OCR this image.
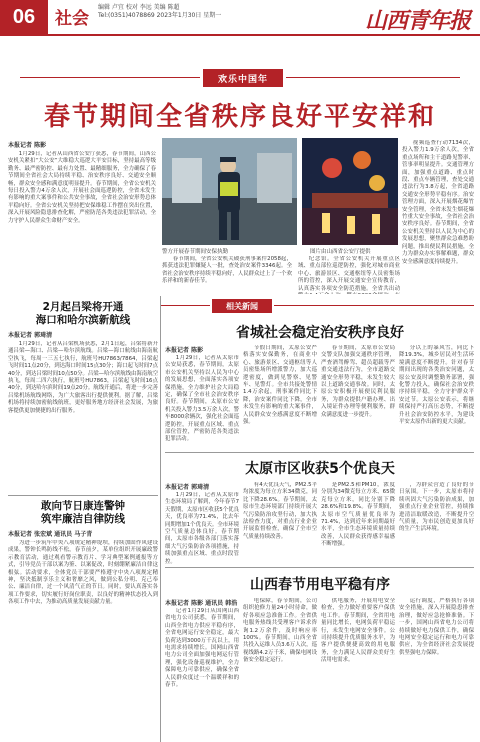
06	社会
编辑 卢宜 校对 李远 美编 陈超
Tel:(0351)4078869 2023年1月30日 星期一	山西青年报
欢乐中国年
春节期间全省秩序良好平安祥和
本报记者 陈影
1月29日，记者从山西省公安厅获悉，春节期间，山西公安机关紧扣“大公安”大维稳大巡逻大平安目标，坚持最高等级勤务、最严密防控、最有力处置、最精细服务，全力确保了春节期间全省社会大局持续平稳、治安秩序良好、交通安全顺畅，群众安全感和满意度明显提升。春节期间，全省公安机关每日投入警力4万余人次，开展社会面巡逻防控，全省未发生有影响的重大案事件和公共安全事故，全省社会治安形势总体平稳向好。全省公安机关坚持把安保维稳工作摆在突出位置，深入开展风险隐患排查化解，严密防范各类违法犯罪活动，全力守护人民群众生命财产安全。
警方开展春节期间安保执勤	图片由山西省公安厅提供
春节期间，全省公安机关破获刑事案件2058起，抓获违法犯罪嫌疑人一批，查处治安案件3346起。全省社会治安秩序持续平稳向好，人民群众过上了一个欢乐祥和的新春佳节。
纪念馆。全省公安机关开展重点区域、重点部位巡逻防控，强化对城市商业中心、旅游景区、交通枢纽等人员密集场所的管控，深入开展交通安全宣传教育，认真落实各项安全防范措施。全省共出动
视频巡查行动7134次，投入警力1.9万余人次，全省重点场所和主干道路见警率、管事率明显提升。交通管理方面，加强重点道路、重点时段、重点车辆管理，查处交通违法行为3.8万起，全省道路交通安全形势平稳有序。治安管理方面，深入开展烟花爆竹安全管理，全省未发生烟花爆竹重大安全事故，全省社会治安秩序良好。春节期间，全省公安机关坚持以人民为中心的发展思想，聚焦群众急难愁盼问题，推出便民利民措施，全力为群众办实事解难题，群众安全感满意度持续提升。
相关新闻
2月起吕梁将开通
海口和哈尔滨新航线
本报记者 郭琦清
1月29日，记者从吕梁机场获悉，2月1日起，吕梁将新开通吕梁—海口、吕梁—哈尔滨航线。吕梁—海口航线由海南航空执飞，每周一三五七执行，航班号HU7863/7864，吕梁起飞时间11点20分，到达海口时间15点30分；海口起飞时间7点40分，到达吕梁时间10点50分。吕梁—哈尔滨航线由海南航空执飞，每周二四六执行，航班号HU7863，吕梁起飞时间16点40分，到达哈尔滨时间19点20分。航线开通后，将进一步完善吕梁机场航线网络，为广大旅客出行提供便利。据了解，吕梁机场将持续加密航线航班，更好服务地方经济社会发展，为旅客提供更加便捷的出行服务。
敢向节日康连警钟
筑牢廉洁自律防线
本报记者 张宏斌 通讯员 马子青
为进一步筑牢中央八项规定精神堤坝，持续加固作风建设成果，警钟长鸣防线不松，春节前夕，某单位组织开展廉政警示教育活动，通过观看警示教育片、学习典型案例通报等方式，引导党员干部以案为鉴、以案促改，时刻绷紧廉洁自律这根弦。活动要求，全体党员干部要严格遵守中央八项规定精神，坚决抵制享乐主义和奢靡之风，做到公私分明、克己奉公、廉洁自律，过一个风清气正的节日。同时，要认真落实各项工作要求，切实履行好岗位职责，以良好的精神状态投入到各项工作中去，为推动高质量发展贡献力量。
省城社会稳定治安秩序良好
本报记者 陈影
1月29日，记者从太原市公安局获悉，春节期间，太原市公安机关坚持以人民为中心的发展思想，全面落实各项安保措施，全力维护社会大局稳定，确保了全市社会治安秩序良好。春节期间，太原市公安机关投入警力3.5万余人次，警车8000余辆次，强化社会面巡逻防控，开展重点区域、重点部位管控，严密防范各类违法犯罪活动。
节假日期间，太原公安严格落实安保勤务，在商业中心、旅游景区、交通枢纽等人员密集场所增派警力，加大巡逻密度，做到见警察、见警车、见警灯。全市共接处警情1.4万余起，刑事案件同比下降，治安案件同比下降，全市未发生有影响的重大案事件，人民群众安全感满意度不断增强。
春节期间，太原市公安局交警支队加强交通秩序管理，严查酒驾醉驾、超员超载等严重交通违法行为，全市道路交通安全形势平稳，未发生较大以上道路交通事故。同时，太原公安积极开展便民利民服务，为群众提供户籍办理、出入境证件办理等便利服务，群众满意度进一步提升。
分以上的暴风雪，同比下降19.3%，城乡居民对生活环境满意度不断提升。针对春节期间出现的各类治安问题，太原公安及时调整勤务部署，强化警力投入，确保社会治安秩序持续平稳，全力守护群众平安过节。太原公安表示，将继续保持严打高压态势，不断提升社会治安防控水平，为建设平安太原作出新的更大贡献。
太原市区收获5个优良天
本报记者 郭琦清
1月29日，记者从太原市生态环境局了解到，今年春节7天假期，太原市区收获5个优良天，优良率为71.4%，比去年同期增加1个优良天。全市环境空气质量总体良好。春节期间，太原市各级各部门落实落细大气污染防治各项措施，持续加强重点区域、重点时段管控。
有4天优良天气，PM2.5平均浓度为每立方米34微克，同比下降28.6%。春节期间，太原市生态环境部门持续开展大气污染防治攻坚行动，加大执法检查力度，对重点行业企业开展监督检查，确保了全市空气质量持续改善。
是PM2.5和PM10，浓度分别为34微克每立方米、65微克每立方米，同比分别下降28.6%和19.8%。春节期间，太原市空气质量优良率为71.4%，达到近年来同期最好水平，全市生态环境质量持续改善，人民群众获得感幸福感不断增强。
，为群众营造了良好的节日氛围。下一步，太原市将持续巩固大气污染防治成果，加强重点行业企业管控，持续推进清洁取暖改造，不断提升空气质量，为市民创造更加良好的生产生活环境。
山西春节用电平稳有序
本报记者 陈影 通讯员 韩浩
记者1月29日从国网山西省电力公司获悉，春节期间，山西全省电力供应平稳有序，全省电网运行安全稳定，最大负荷达到3000万千瓦以上，用电需求持续增长。国网山西省电力公司全面加强电网运行管理，强化设备巡视维护，全力保障电力可靠供应，确保全省人民群众度过一个温暖祥和的春节。
电保障，春节期间，公司组织抢修力量24小时待命，做好各项应急准备工作。全省供电服务热线共受理客户诉求咨询1.2万余件，及时响应率100%。春节期间，山西全省共投入运维人员3.6万人次，巡视线路4.2万千米，确保电网设备安全稳定运行。
供电服务，开展用电安全检查，全力做好重要客户保供电工作。春节期间，全省用电量同比增长，电网负荷平稳运行，未发生电网安全事件。公司持续提升优质服务水平，为客户提供便捷高效的用电服务，全力满足人民群众美好生活用电需求。
运行调度，严格执行各项安全措施，深入开展隐患排查治理，做好应急抢修准备。下一步，国网山西省电力公司将持续做好电力保供工作，确保电网安全稳定运行和电力可靠供应，为全省经济社会发展提供坚强电力保障。
